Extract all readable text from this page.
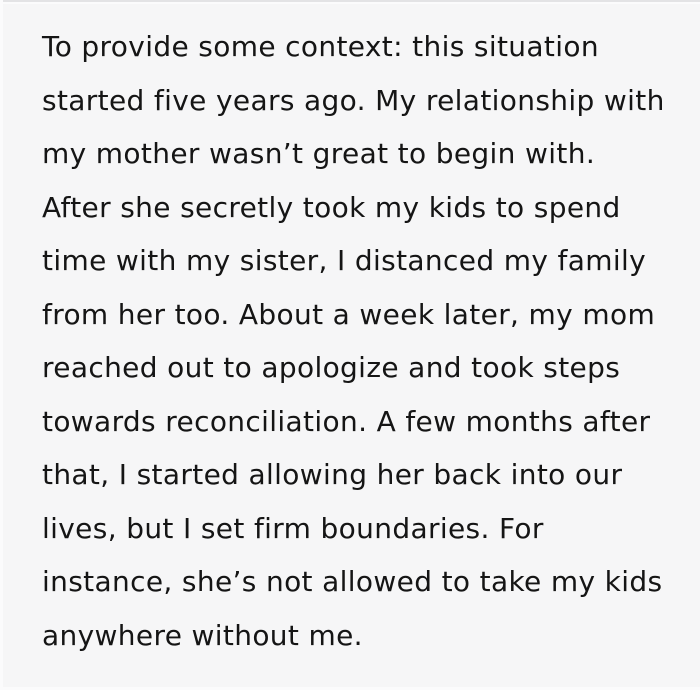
To provide some context: this situation
started five years ago. My relationship with
my mother wasn’t great to begin with.
After she secretly took my kids to spend
time with my sister, I distanced my family
from her too. About a week later, my mom
reached out to apologize and took steps
towards reconciliation. A few months after
that, I started allowing her back into our
lives, but I set firm boundaries. For
instance, she’s not allowed to take my kids
anywhere without me.
